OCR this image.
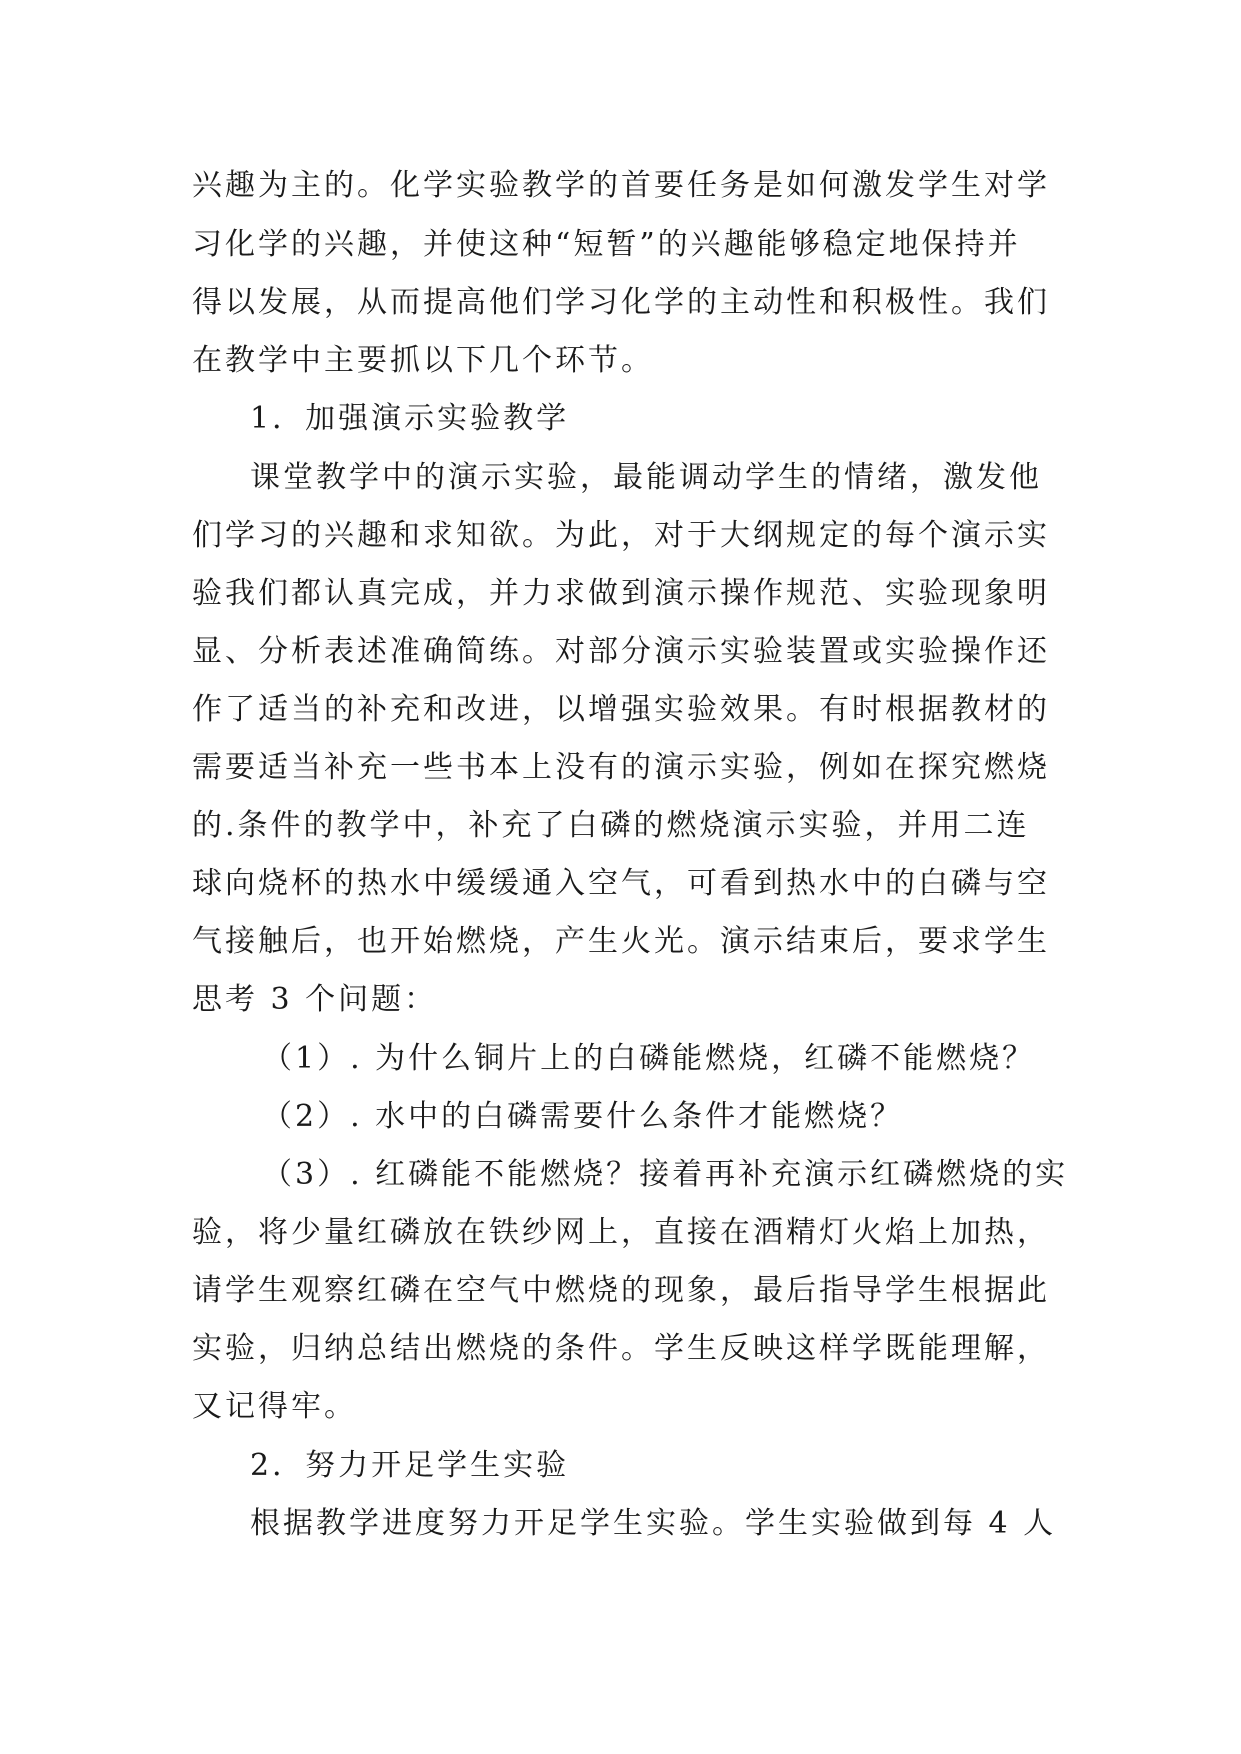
兴趣为主的。化学实验教学的首要任务是如何激发学生对学
习化学的兴趣，并使这种“短暂”的兴趣能够稳定地保持并
得以发展，从而提高他们学习化学的主动性和积极性。我们
在教学中主要抓以下几个环节。
1．加强演示实验教学
课堂教学中的演示实验，最能调动学生的情绪，激发他
们学习的兴趣和求知欲。为此，对于大纲规定的每个演示实
验我们都认真完成，并力求做到演示操作规范、实验现象明
显、分析表述准确简练。对部分演示实验装置或实验操作还
作了适当的补充和改进，以增强实验效果。有时根据教材的
需要适当补充一些书本上没有的演示实验，例如在探究燃烧
的.条件的教学中，补充了白磷的燃烧演示实验，并用二连
球向烧杯的热水中缓缓通入空气，可看到热水中的白磷与空
气接触后，也开始燃烧，产生火光。演示结束后，要求学生
思考 3 个问题：
（1）. 为什么铜片上的白磷能燃烧，红磷不能燃烧？
（2）. 水中的白磷需要什么条件才能燃烧？
（3）. 红磷能不能燃烧？接着再补充演示红磷燃烧的实
验，将少量红磷放在铁纱网上，直接在酒精灯火焰上加热，
请学生观察红磷在空气中燃烧的现象，最后指导学生根据此
实验，归纳总结出燃烧的条件。学生反映这样学既能理解，
又记得牢。
2．努力开足学生实验
根据教学进度努力开足学生实验。学生实验做到每 4 人
